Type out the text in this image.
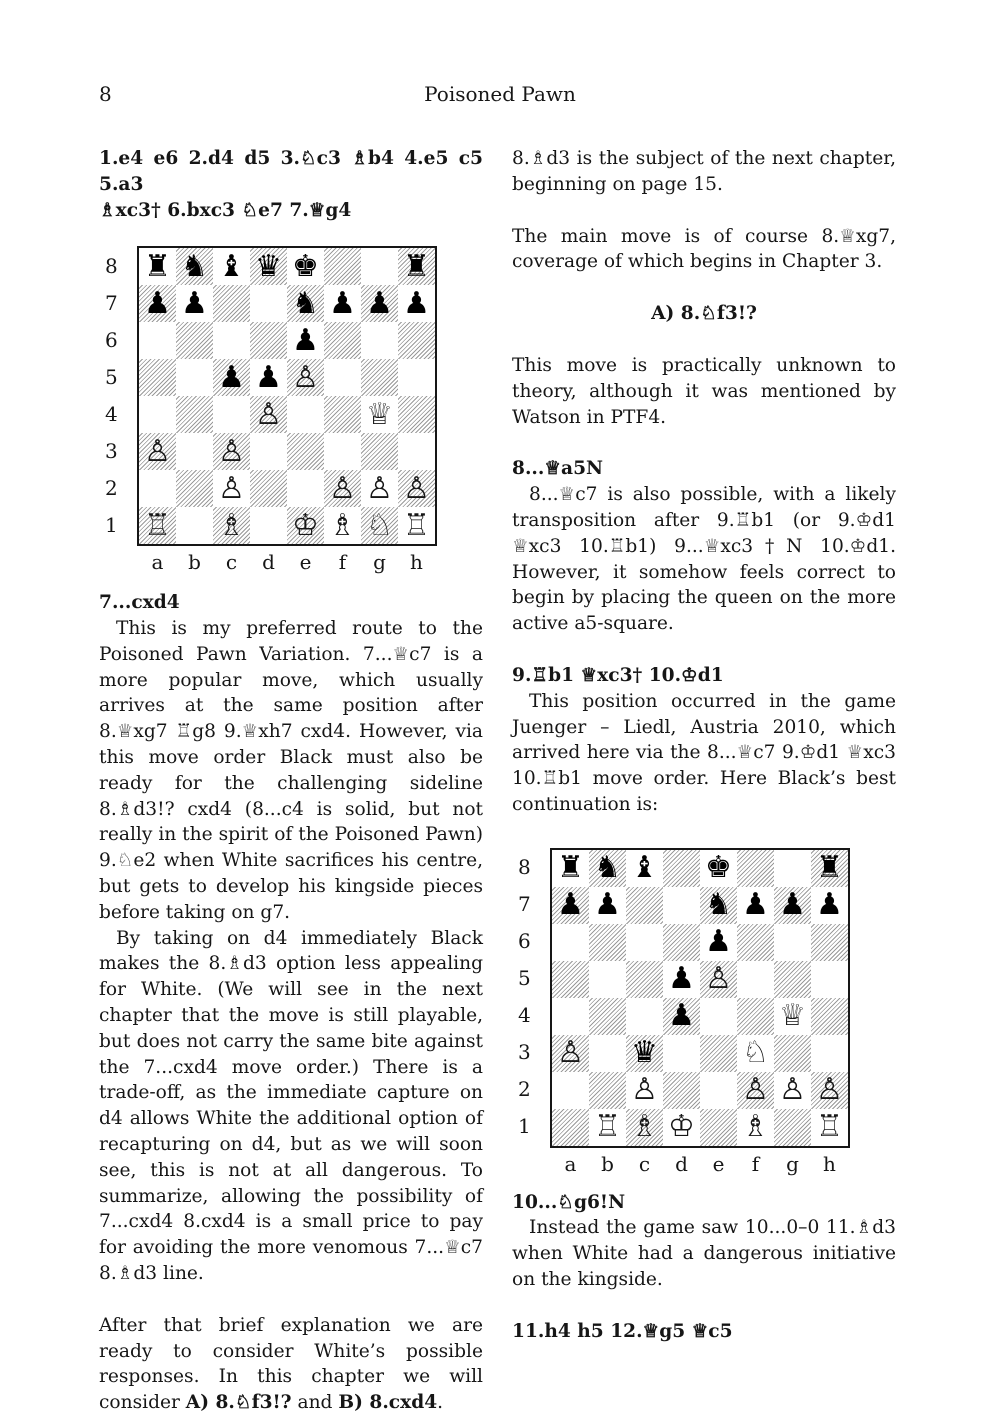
8	Poisoned Pawn

1.e4 e6 2.d4 d5 3.♘c3 ♗b4 4.e5 c5 5.a3

♗xc3† 6.bxc3 ♘e7 7.♕g4

8
7
6
5
4
3
2
1
♜ ♞ ♝ ♛ ♚	♜
♟ ♟	♞ ♟ ♟ ♟
♟
♟ ♟ ♙
♙	♕
♙ ♙
♙	♙ ♙ ♙
♖ ♗ ♔ ♗ ♘ ♖
a	b	c	d	e	f	g	h

7...cxd4

This is my preferred route to the Poisoned Pawn Variation. 7...♕c7 is a more popular move, which usually arrives at the same position after 8.♕xg7 ♖g8 9.♕xh7 cxd4. However, via this move order Black must also be ready for the challenging sideline 8.♗d3!? cxd4 (8...c4 is solid, but not really in the spirit of the Poisoned Pawn) 9.♘e2 when White sacrifices his centre, but gets to develop his kingside pieces before taking on g7.

By taking on d4 immediately Black makes the 8.♗d3 option less appealing for White. (We will see in the next chapter that the move is still playable, but does not carry the same bite against the 7...cxd4 move order.) There is a trade-off, as the immediate capture on d4 allows White the additional option of recapturing on d4, but as we will soon see, this is not at all dangerous. To summarize, allowing the possibility of 7...cxd4 8.cxd4 is a small price to pay for avoiding the more venomous 7...♕c7 8.♗d3 line.

After that brief explanation we are ready to consider White’s possible responses. In this chapter we will consider A) 8.♘f3!? and B) 8.cxd4.

8.♗d3 is the subject of the next chapter, beginning on page 15.

The main move is of course 8.♕xg7, coverage of which begins in Chapter 3.

A) 8.♘f3!?

This move is practically unknown to theory, although it was mentioned by Watson in PTF4.

8...♕a5N

8...♕c7 is also possible, with a likely transposition after 9.♖b1 (or 9.♔d1 ♕xc3 10.♖b1) 9...♕xc3†N 10.♔d1. However, it somehow feels correct to begin by placing the queen on the more active a5-square.

9.♖b1 ♕xc3† 10.♔d1

This position occurred in the game Juenger – Liedl, Austria 2010, which arrived here via the 8...♕c7 9.♔d1 ♕xc3 10.♖b1 move order. Here Black’s best continuation is:

8
7
6
5
4
3
2
1
♜ ♞ ♝ ♚	♜
♟ ♟	♞ ♟ ♟ ♟
♟
♟ ♙
♟	♕
♙ ♛	♘
♙	♙ ♙ ♙
♖ ♗ ♔ ♗ ♖
a	b	c	d	e	f	g	h

10...♘g6!N

Instead the game saw 10...0–0 11.♗d3 when White had a dangerous initiative on the kingside.

11.h4 h5 12.♕g5 ♕c5
